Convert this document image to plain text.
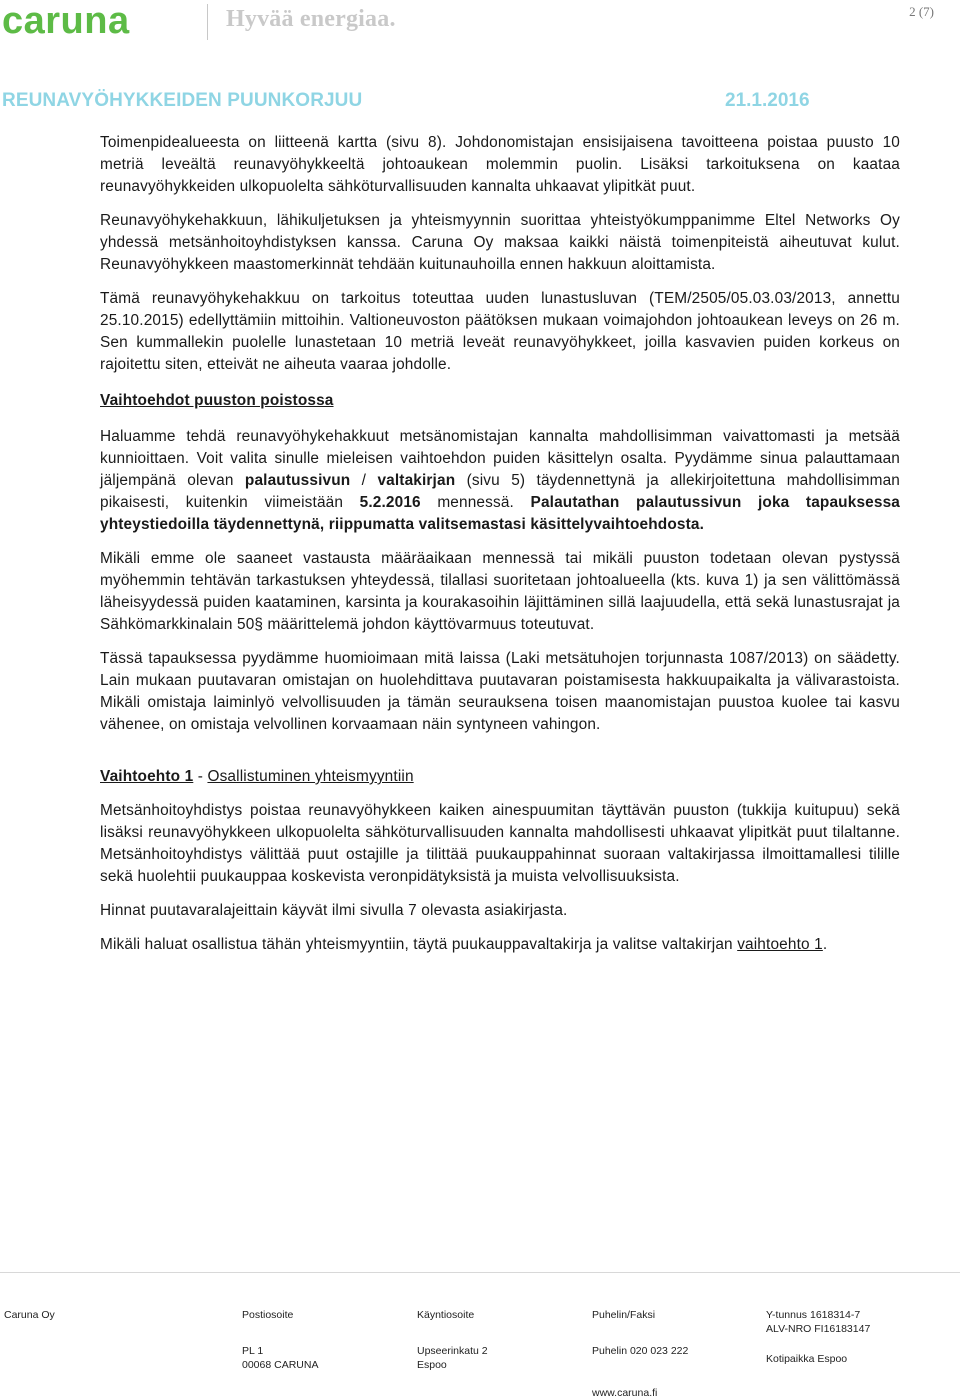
caruna	Hyvää energiaa.	2 (7)
REUNAVYÖHYKKEIDEN PUUNKORJUU	21.1.2016

Toimenpidealueesta on liitteenä kartta (sivu 8). Johdonomistajan ensisijaisena tavoitteena poistaa puusto 10 metriä leveältä reunavyöhykkeeltä johtoaukean molemmin puolin. Lisäksi tarkoituksena on kaataa reunavyöhykkeiden ulkopuolelta sähköturvallisuuden kannalta uhkaavat ylipitkät puut.

Reunavyöhykehakkuun, lähikuljetuksen ja yhteismyynnin suorittaa yhteistyökumppanimme Eltel Networks Oy yhdessä metsänhoitoyhdistyksen kanssa. Caruna Oy maksaa kaikki näistä toimenpiteistä aiheutuvat kulut. Reunavyöhykkeen maastomerkinnät tehdään kuitunauhoilla ennen hakkuun aloittamista.

Tämä reunavyöhykehakkuu on tarkoitus toteuttaa uuden lunastusluvan (TEM/2505/05.03.03/2013, annettu 25.10.2015) edellyttämiin mittoihin. Valtioneuvoston päätöksen mukaan voimajohdon johtoaukean leveys on 26 m. Sen kummallekin puolelle lunastetaan 10 metriä leveät reunavyöhykkeet, joilla kasvavien puiden korkeus on rajoitettu siten, etteivät ne aiheuta vaaraa johdolle.

Vaihtoehdot puuston poistossa

Haluamme tehdä reunavyöhykehakkuut metsänomistajan kannalta mahdollisimman vaivattomasti ja metsää kunnioittaen. Voit valita sinulle mieleisen vaihtoehdon puiden käsittelyn osalta. Pyydämme sinua palauttamaan jäljempänä olevan palautussivun / valtakirjan (sivu 5) täydennettynä ja allekirjoitettuna mahdollisimman pikaisesti, kuitenkin viimeistään 5.2.2016 mennessä. Palautathan palautussivun joka tapauksessa yhteystiedoilla täydennettynä, riippumatta valitsemastasi käsittelyvaihtoehdosta.

Mikäli emme ole saaneet vastausta määräaikaan mennessä tai mikäli puuston todetaan olevan pystyssä myöhemmin tehtävän tarkastuksen yhteydessä, tilallasi suoritetaan johtoalueella (kts. kuva 1) ja sen välittömässä läheisyydessä puiden kaataminen, karsinta ja kourakasoihin läjittäminen sillä laajuudella, että sekä lunastusrajat ja Sähkömarkkinalain 50§ määrittelemä johdon käyttövarmuus toteutuvat.

Tässä tapauksessa pyydämme huomioimaan mitä laissa (Laki metsätuhojen torjunnasta 1087/2013) on säädetty. Lain mukaan puutavaran omistajan on huolehdittava puutavaran poistamisesta hakkuupaikalta ja välivarastoista. Mikäli omistaja laiminlyö velvollisuuden ja tämän seurauksena toisen maanomistajan puustoa kuolee tai kasvu vähenee, on omistaja velvollinen korvaamaan näin syntyneen vahingon.

Vaihtoehto 1 - Osallistuminen yhteismyyntiin

Metsänhoitoyhdistys poistaa reunavyöhykkeen kaiken ainespuumitan täyttävän puuston (tukkija kuitupuu) sekä lisäksi reunavyöhykkeen ulkopuolelta sähköturvallisuuden kannalta mahdollisesti uhkaavat ylipitkät puut tilaltanne. Metsänhoitoyhdistys välittää puut ostajille ja tilittää puukauppahinnat suoraan valtakirjassa ilmoittamallesi tilille sekä huolehtii puukauppaa koskevista veronpidätyksistä ja muista velvollisuuksista.

Hinnat puutavaralajeittain käyvät ilmi sivulla 7 olevasta asiakirjasta.

Mikäli haluat osallistua tähän yhteismyyntiin, täytä puukauppavaltakirja ja valitse valtakirjan vaihtoehto 1.

Caruna Oy	Postiosoite
PL 1
00068 CARUNA
Käyntiosoite
Upseerinkatu 2
Espoo
Puhelin/Faksi
Puhelin 020 023 222
www.caruna.fi
Y-tunnus 1618314-7
ALV-NRO FI16183147
Kotipaikka Espoo
